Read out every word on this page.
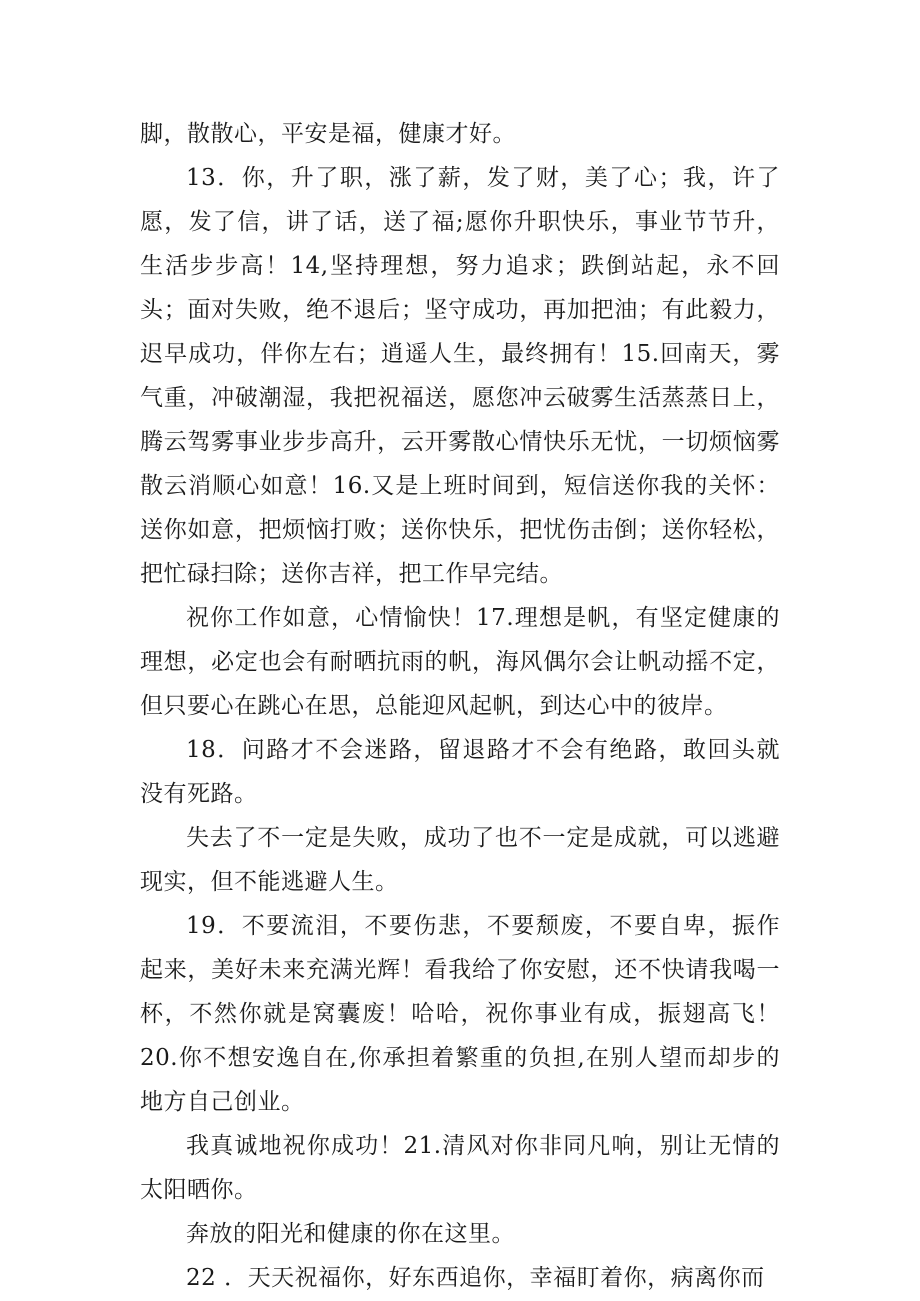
脚，散散心，平安是福，健康才好。

13．你，升了职，涨了薪，发了财，美了心；我，许了愿，发了信，讲了话，送了福;愿你升职快乐，事业节节升，生活步步高！14,坚持理想，努力追求；跌倒站起，永不回头；面对失败，绝不退后；坚守成功，再加把油；有此毅力，迟早成功，伴你左右；逍遥人生，最终拥有！15.回南天，雾气重，冲破潮湿，我把祝福送，愿您冲云破雾生活蒸蒸日上，腾云驾雾事业步步高升，云开雾散心情快乐无忧，一切烦恼雾散云消顺心如意！16.又是上班时间到，短信送你我的关怀：送你如意，把烦恼打败；送你快乐，把忧伤击倒；送你轻松，把忙碌扫除；送你吉祥，把工作早完结。

祝你工作如意，心情愉快！17.理想是帆，有坚定健康的理想，必定也会有耐晒抗雨的帆，海风偶尔会让帆动摇不定，但只要心在跳心在思，总能迎风起帆，到达心中的彼岸。

18．问路才不会迷路，留退路才不会有绝路，敢回头就没有死路。

失去了不一定是失败，成功了也不一定是成就，可以逃避现实，但不能逃避人生。

19．不要流泪，不要伤悲，不要颓废，不要自卑，振作起来，美好未来充满光辉！看我给了你安慰，还不快请我喝一杯，不然你就是窝囊废！哈哈，祝你事业有成，振翅高飞！20.你不想安逸自在,你承担着繁重的负担,在别人望而却步的地方自己创业。

我真诚地祝你成功！21.清风对你非同凡响，别让无情的太阳晒你。

奔放的阳光和健康的你在这里。

22 ．天天祝福你，好东西追你，幸福盯着你，病离你而
